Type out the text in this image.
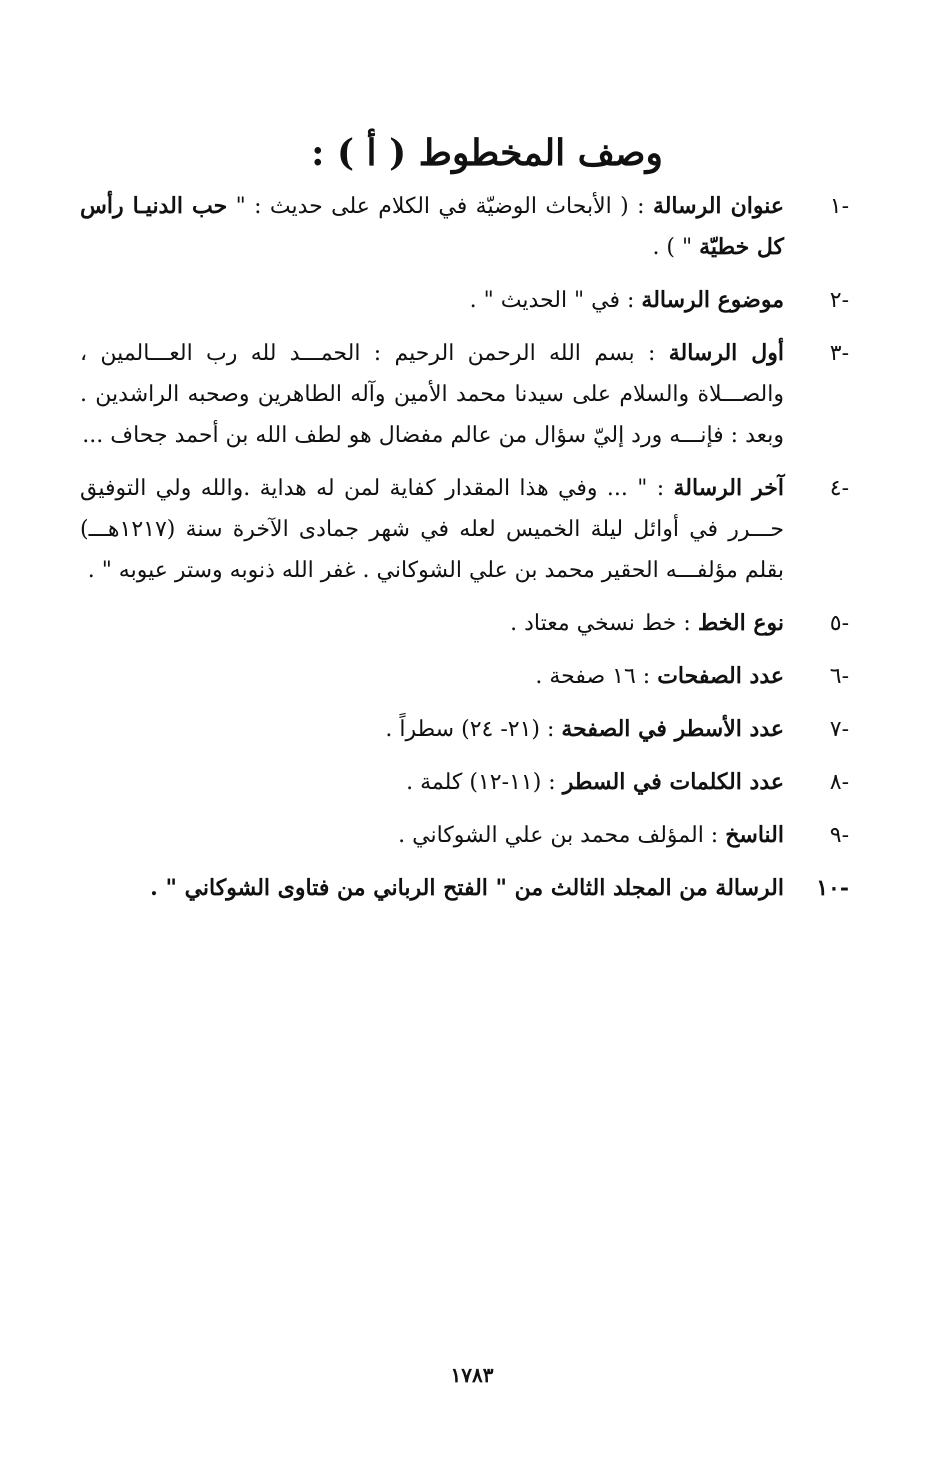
وصف المخطوط ( أ ) :
١-
عنوان الرسالة : ( الأبحاث الوضيّة في الكلام على حديث : " حب الدنيـا رأس كل خطيّة " ) .
٢-
موضوع الرسالة : في " الحديث " .
٣-
أول الرسالة : بسم الله الرحمن الرحيم : الحمـــد لله رب العـــالمين ، والصـــلاة والسلام على سيدنا محمد الأمين وآله الطاهرين وصحبه الراشدين . وبعد : فإنـــه ورد إليّ سؤال من عالم مفضال هو لطف الله بن أحمد جحاف ...
٤-
آخر الرسالة : " ... وفي هذا المقدار كفاية لمن له هداية .والله ولي التوفيق حـــرر في أوائل ليلة الخميس لعله في شهر جمادى الآخرة سنة (١٢١٧هـــ) بقلم مؤلفـــه الحقير محمد بن علي الشوكاني . غفر الله ذنوبه وستر عيوبه " .
٥-
نوع الخط : خط نسخي معتاد .
٦-
عدد الصفحات : ١٦ صفحة .
٧-
عدد الأسطر في الصفحة : (٢١- ٢٤) سطراً .
٨-
عدد الكلمات في السطر : (١١-١٢) كلمة .
٩-
الناسخ : المؤلف محمد بن علي الشوكاني .
١٠-
الرسالة من المجلد الثالث من " الفتح الرباني من فتاوى الشوكاني " .
١٧٨٣
